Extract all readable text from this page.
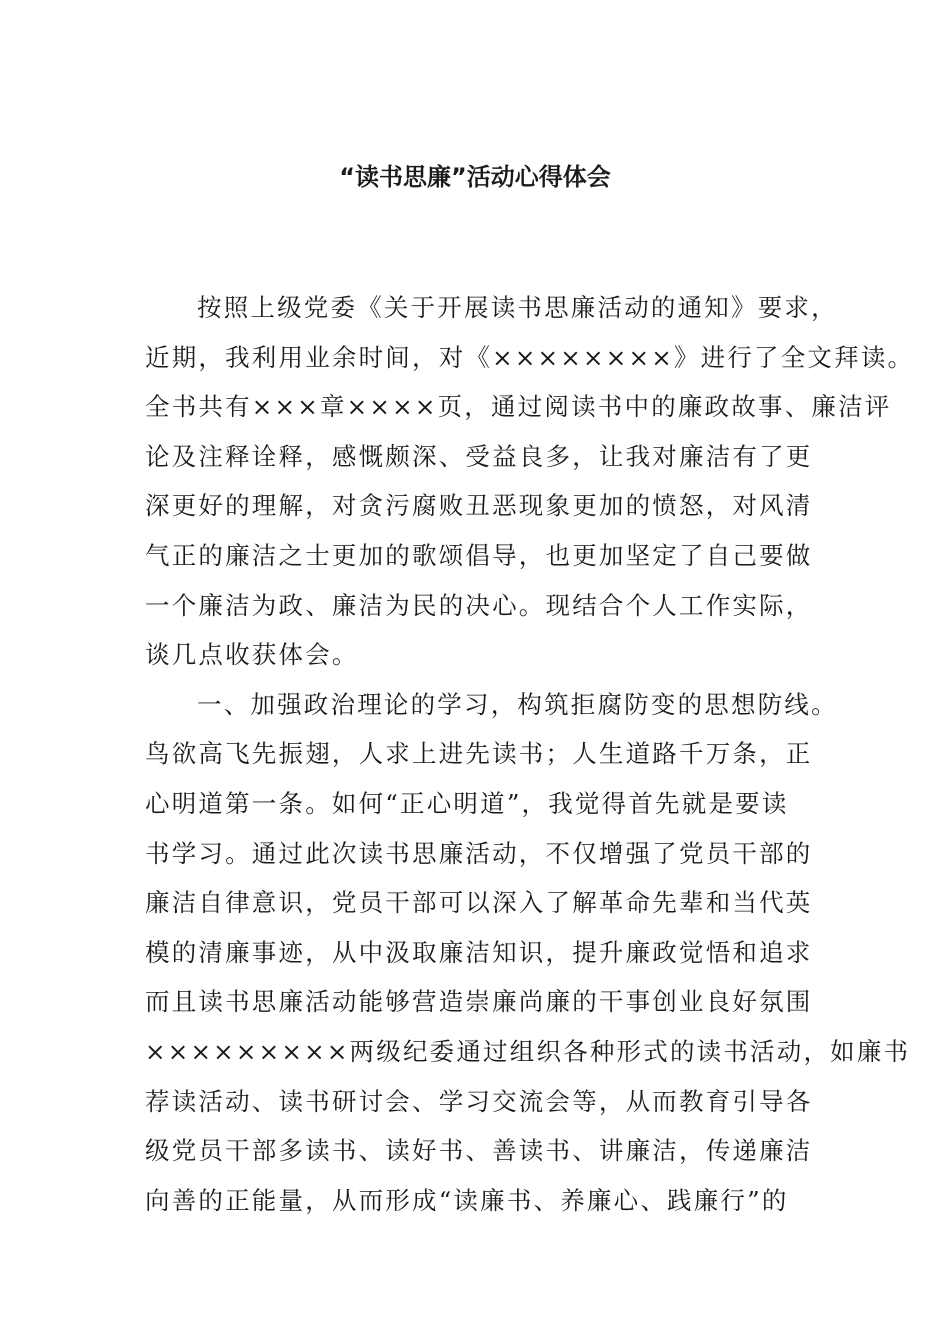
“读书思廉”活动心得体会
按照上级党委《关于开展读书思廉活动的通知》要求，
近期，我利用业余时间，对《××××××××》进行了全文拜读。
全书共有×××章××××页，通过阅读书中的廉政故事、廉洁评
论及注释诠释，感慨颇深、受益良多，让我对廉洁有了更
深更好的理解，对贪污腐败丑恶现象更加的愤怒，对风清
气正的廉洁之士更加的歌颂倡导，也更加坚定了自己要做
一个廉洁为政、廉洁为民的决心。现结合个人工作实际，
谈几点收获体会。
一、加强政治理论的学习，构筑拒腐防变的思想防线。
鸟欲高飞先振翅，人求上进先读书；人生道路千万条，正
心明道第一条。如何“正心明道”，我觉得首先就是要读
书学习。通过此次读书思廉活动，不仅增强了党员干部的
廉洁自律意识，党员干部可以深入了解革命先辈和当代英
模的清廉事迹，从中汲取廉洁知识，提升廉政觉悟和追求
而且读书思廉活动能够营造崇廉尚廉的干事创业良好氛围
×××××××××两级纪委通过组织各种形式的读书活动，如廉书
荐读活动、读书研讨会、学习交流会等，从而教育引导各
级党员干部多读书、读好书、善读书、讲廉洁，传递廉洁
向善的正能量，从而形成“读廉书、养廉心、践廉行”的
